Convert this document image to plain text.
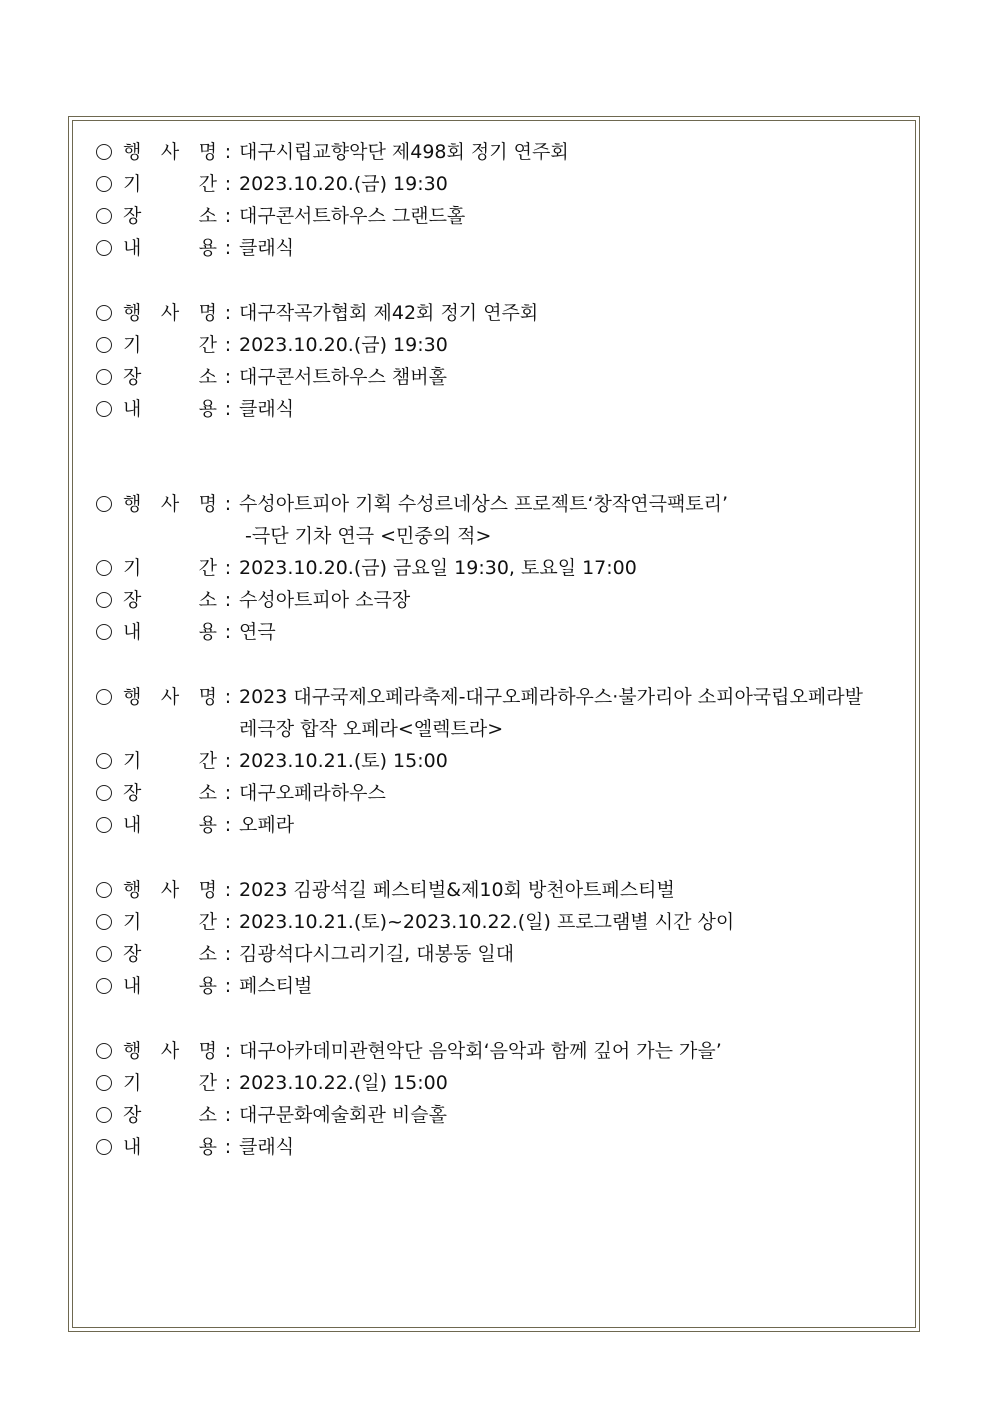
행 사 명 : 대구시립교향악단 제498회 정기 연주회
기	간 : 2023.10.20.(금) 19:30
장	소 : 대구콘서트하우스 그랜드홀
내	용 : 클래식
행 사 명 : 대구작곡가협회 제42회 정기 연주회
기	간 : 2023.10.20.(금) 19:30
장	소 : 대구콘서트하우스 챔버홀
내	용 : 클래식
행 사 명 : 수성아트피아 기획 수성르네상스 프로젝트‘창작연극팩토리’
-극단 기차 연극 <민중의 적>
기	간 : 2023.10.20.(금) 금요일 19:30, 토요일 17:00
장	소 : 수성아트피아 소극장
내	용 : 연극
행 사 명 : 2023 대구국제오페라축제-대구오페라하우스·불가리아 소피아국립오페라발
레극장 합작 오페라<엘렉트라>
기	간 : 2023.10.21.(토) 15:00
장	소 : 대구오페라하우스
내	용 : 오페라
행 사 명 : 2023 김광석길 페스티벌&제10회 방천아트페스티벌
기	간 : 2023.10.21.(토)~2023.10.22.(일) 프로그램별 시간 상이
장	소 : 김광석다시그리기길, 대봉동 일대
내	용 : 페스티벌
행 사 명 : 대구아카데미관현악단 음악회‘음악과 함께 깊어 가는 가을’
기	간 : 2023.10.22.(일) 15:00
장	소 : 대구문화예술회관 비슬홀
내	용 : 클래식
